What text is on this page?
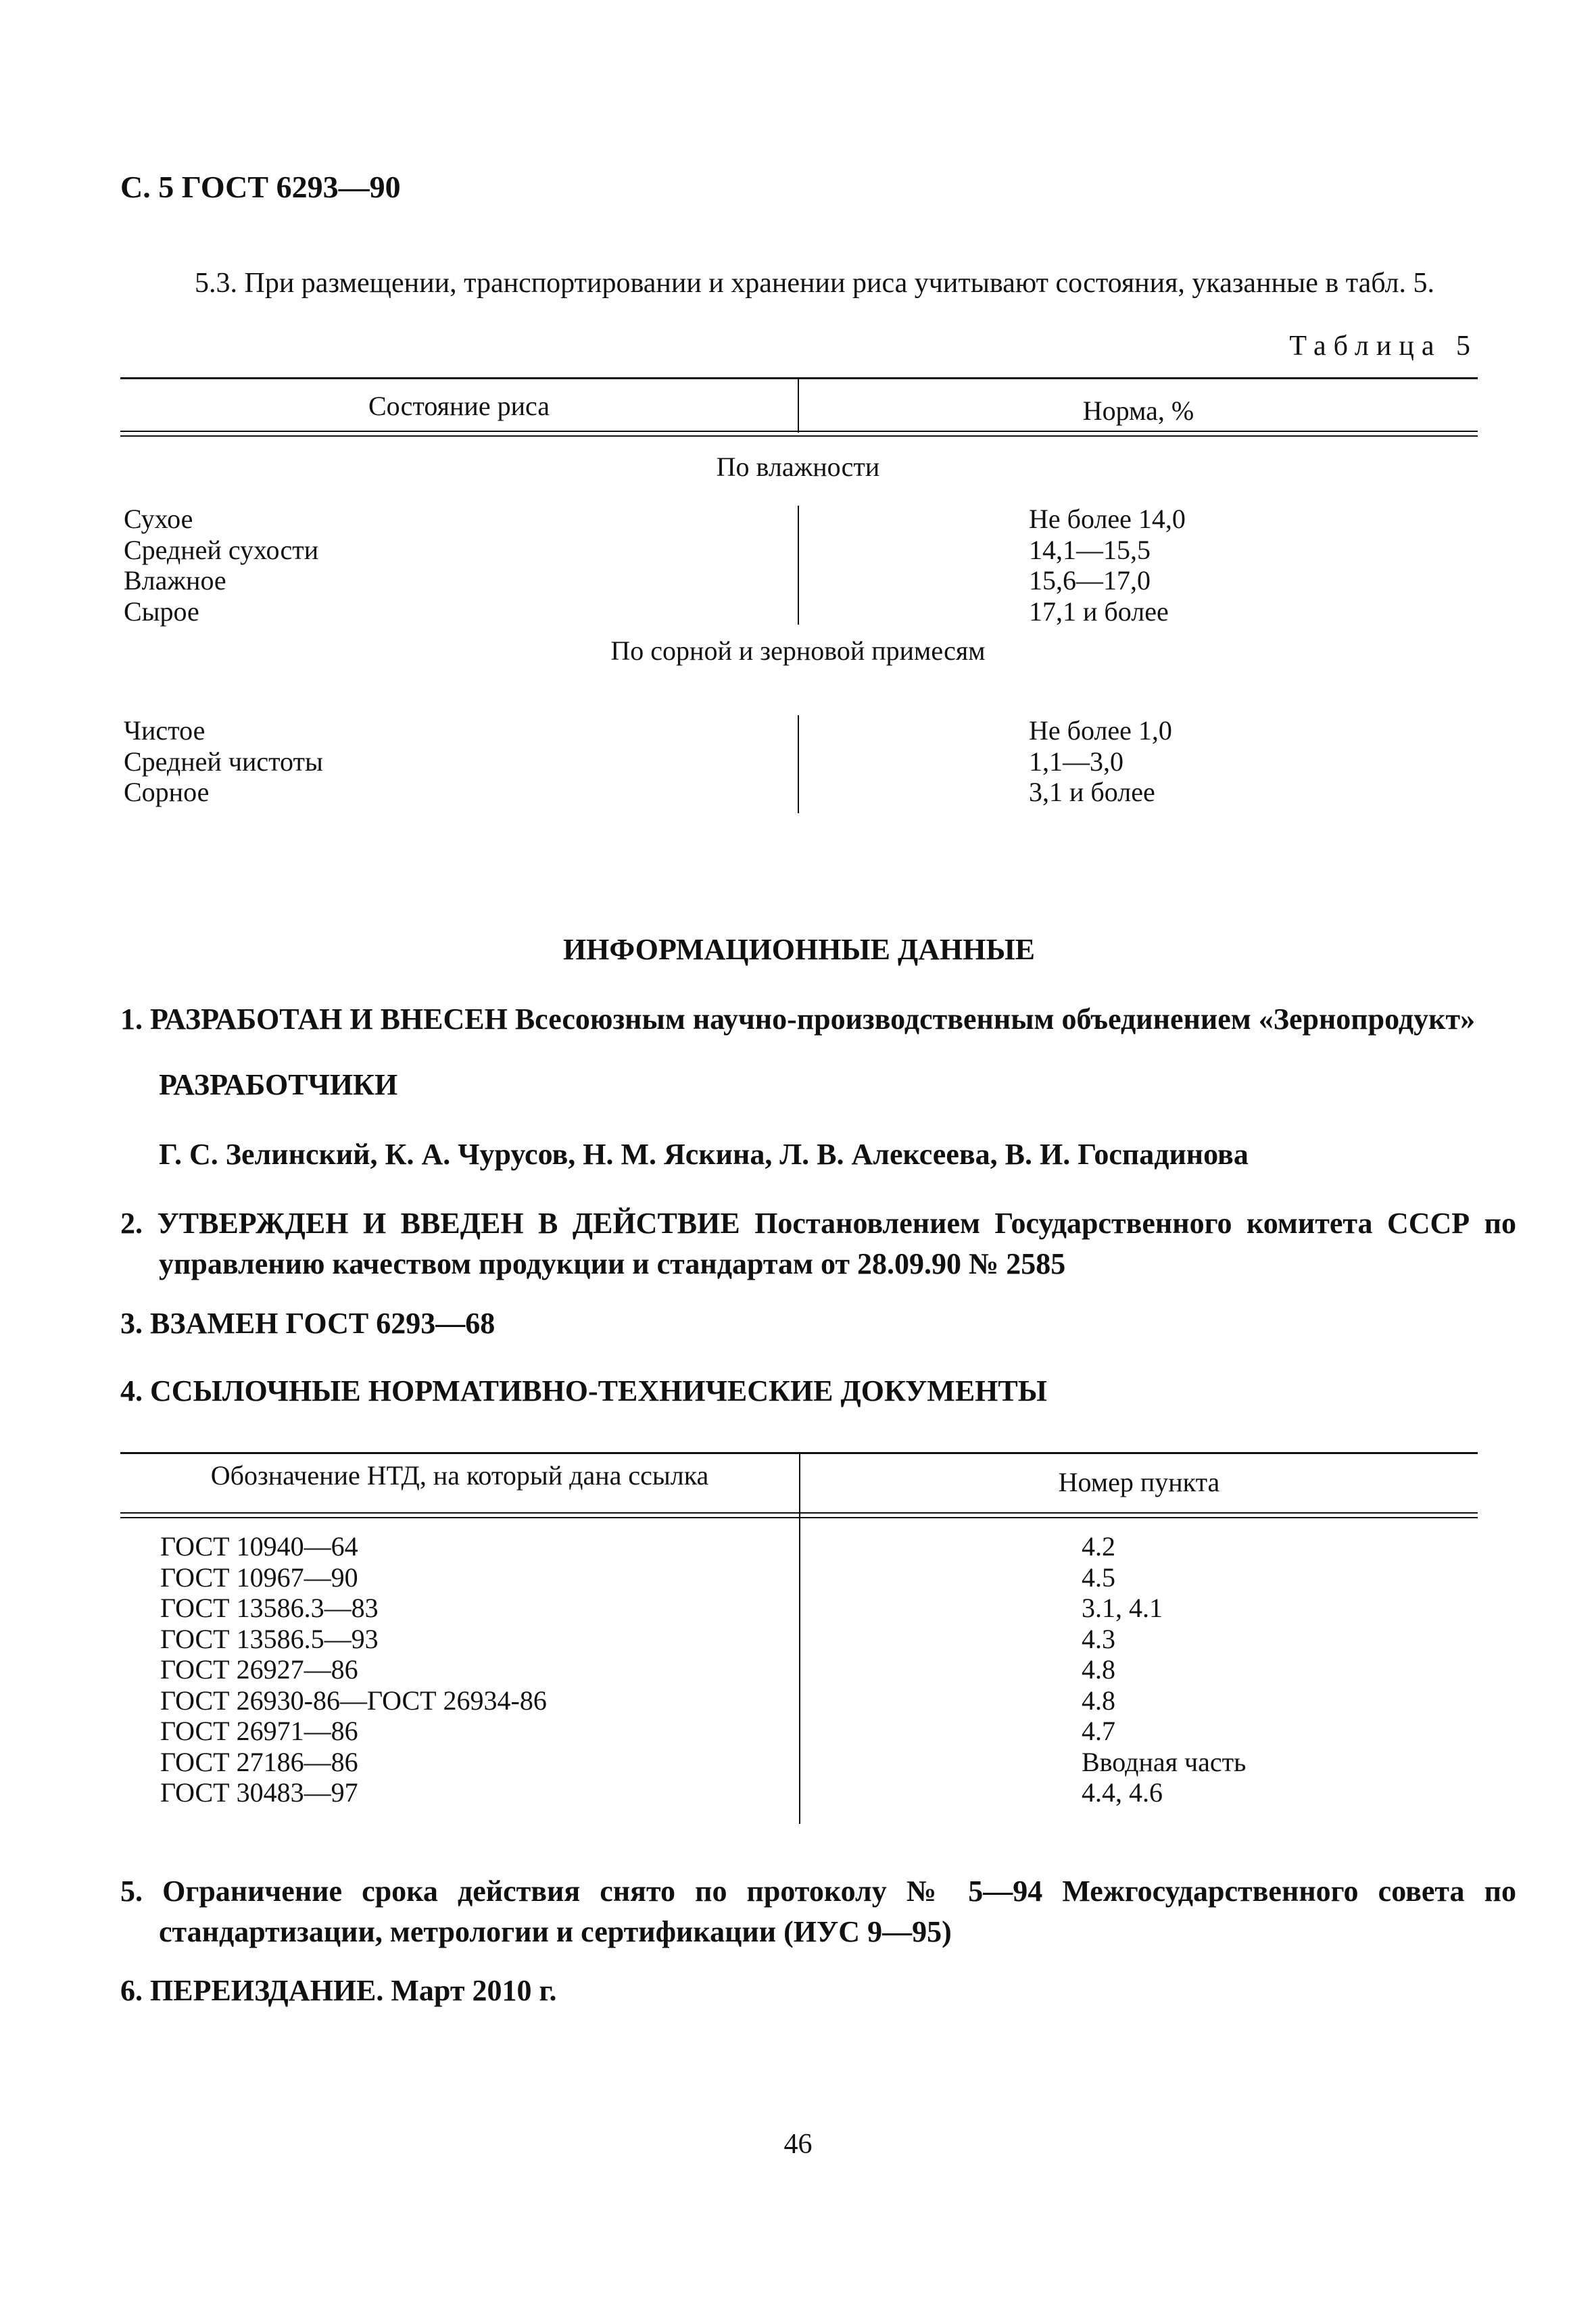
С. 5 ГОСТ 6293—90
5.3. При размещении, транспортировании и хранении риса учитывают состояния, указанные в табл. 5.
Таблица 5
Состояние риса	Норма, %
По влажности
Сухое
Средней сухости
Влажное
Сырое
Не более 14,0
14,1—15,5
15,6—17,0
17,1 и более
По сорной и зерновой примесям
Чистое
Средней чистоты
Сорное
Не более 1,0
1,1—3,0
3,1 и более
ИНФОРМАЦИОННЫЕ ДАННЫЕ
1. РАЗРАБОТАН И ВНЕСЕН Всесоюзным научно-производственным объединением «Зернопродукт»
РАЗРАБОТЧИКИ
Г. С. Зелинский, К. А. Чурусов, Н. М. Яскина, Л. В. Алексеева, В. И. Госпадинова
2. УТВЕРЖДЕН И ВВЕДЕН В ДЕЙСТВИЕ Постановлением Государственного комитета СССР по управлению качеством продукции и стандартам от 28.09.90 № 2585
3. ВЗАМЕН ГОСТ 6293—68
4. ССЫЛОЧНЫЕ НОРМАТИВНО-ТЕХНИЧЕСКИЕ ДОКУМЕНТЫ
Обозначение НТД, на который дана ссылка	Номер пункта
ГОСТ 10940—64
ГОСТ 10967—90
ГОСТ 13586.3—83
ГОСТ 13586.5—93
ГОСТ 26927—86
ГОСТ 26930-86—ГОСТ 26934-86
ГОСТ 26971—86
ГОСТ 27186—86
ГОСТ 30483—97
4.2
4.5
3.1, 4.1
4.3
4.8
4.8
4.7
Вводная часть
4.4, 4.6
5. Ограничение срока действия снято по протоколу № 5—94 Межгосударственного совета по стандартизации, метрологии и сертификации (ИУС 9—95)
6. ПЕРЕИЗДАНИЕ. Март 2010 г.
46
